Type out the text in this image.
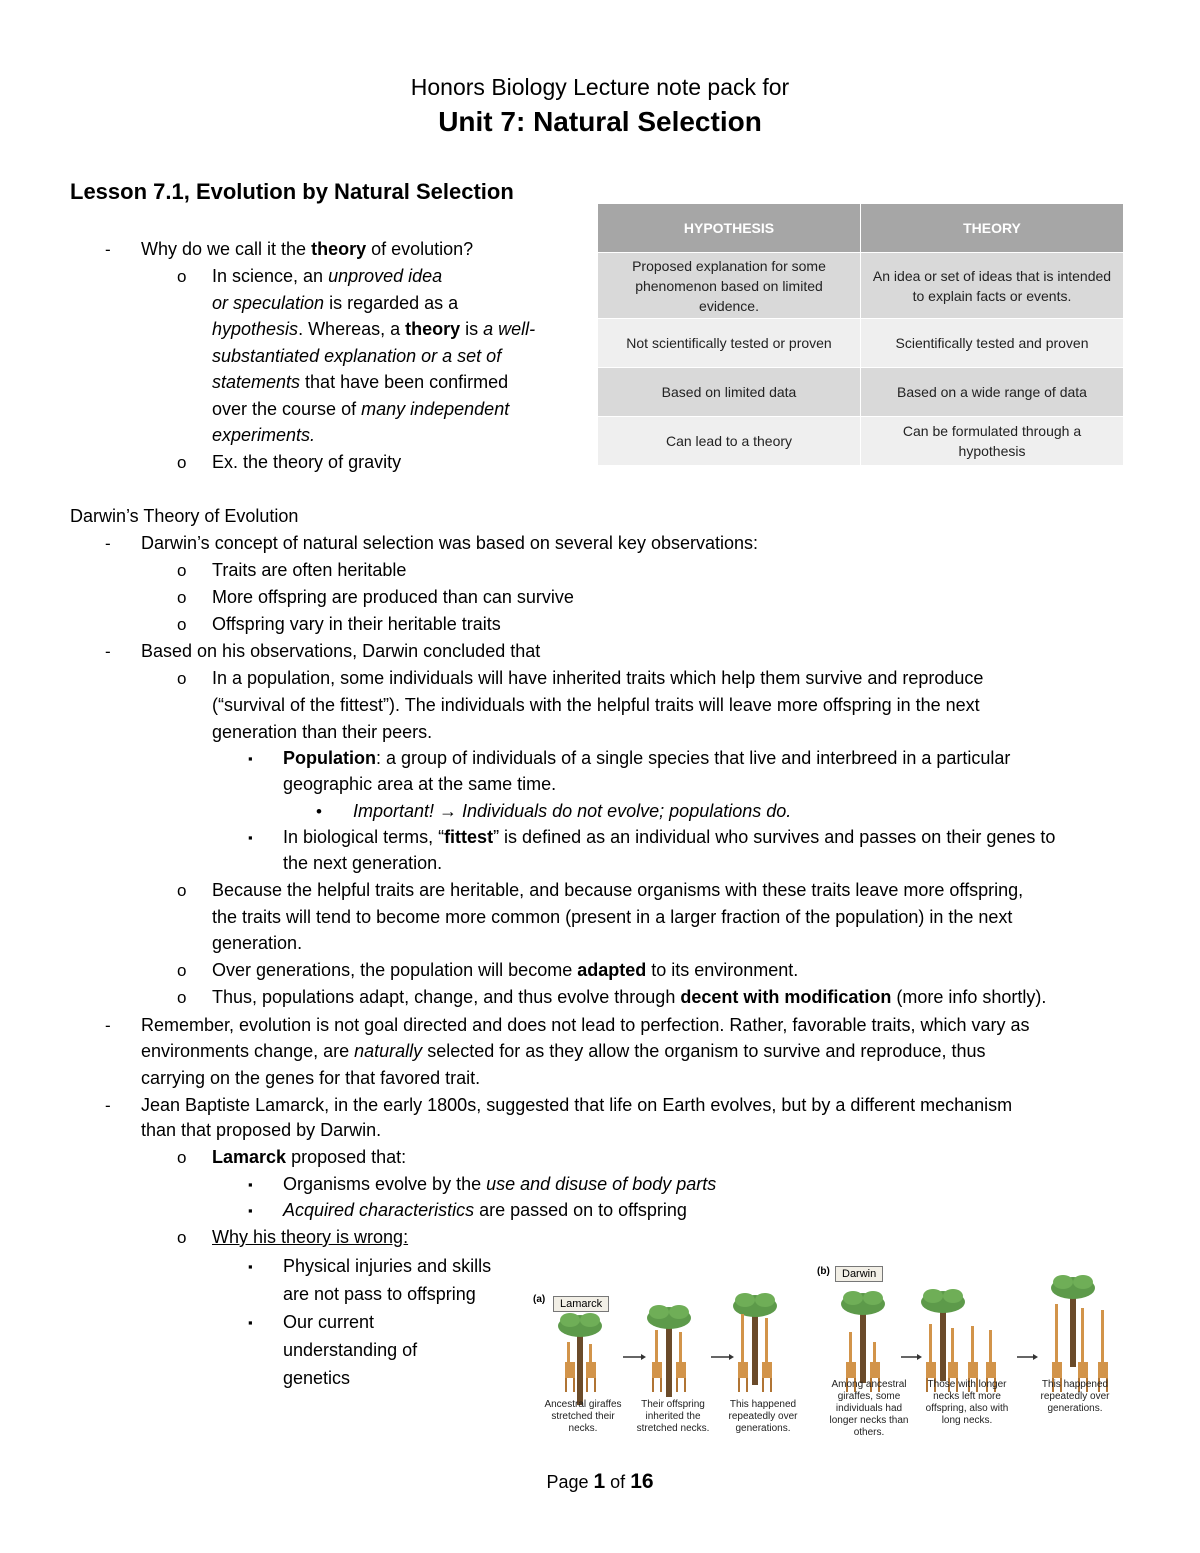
Honors Biology Lecture note pack for
Unit 7: Natural Selection
Lesson 7.1, Evolution by Natural Selection
- Why do we call it the theory of evolution?
o In science, an unproved idea
or speculation is regarded as a
hypothesis. Whereas, a theory is a well-
substantiated explanation or a set of
statements that have been confirmed
over the course of many independent
experiments.
o Ex. the theory of gravity
HYPOTHESIS	THEORY
Proposed explanation for some phenomenon based on limited evidence.	An idea or set of ideas that is intended to explain facts or events.
Not scientifically tested or proven	Scientifically tested and proven
Based on limited data	Based on a wide range of data
Can lead to a theory	Can be formulated through a hypothesis
Darwin’s Theory of Evolution
- Darwin’s concept of natural selection was based on several key observations:
o Traits are often heritable
o More offspring are produced than can survive
o Offspring vary in their heritable traits
- Based on his observations, Darwin concluded that
o In a population, some individuals will have inherited traits which help them survive and reproduce
(“survival of the fittest”). The individuals with the helpful traits will leave more offspring in the next
generation than their peers.
▪ Population: a group of individuals of a single species that live and interbreed in a particular
geographic area at the same time.
• Important! → Individuals do not evolve; populations do.
▪ In biological terms, “fittest” is defined as an individual who survives and passes on their genes to
the next generation.
o Because the helpful traits are heritable, and because organisms with these traits leave more offspring,
the traits will tend to become more common (present in a larger fraction of the population) in the next
generation.
o Over generations, the population will become adapted to its environment.
o Thus, populations adapt, change, and thus evolve through decent with modification (more info shortly).
- Remember, evolution is not goal directed and does not lead to perfection. Rather, favorable traits, which vary as
environments change, are naturally selected for as they allow the organism to survive and reproduce, thus
carrying on the genes for that favored trait.
- Jean Baptiste Lamarck, in the early 1800s, suggested that life on Earth evolves, but by a different mechanism
than that proposed by Darwin.
o Lamarck proposed that:
▪ Organisms evolve by the use and disuse of body parts
▪ Acquired characteristics are passed on to offspring
o Why his theory is wrong:
▪ Physical injuries and skills
are not pass to offspring
▪ Our current
understanding of
genetics
(a)	Lamarck
(b)	Darwin
Ancestral giraffes stretched their necks.
Their offspring inherited the stretched necks.
This happened repeatedly over generations.
Among ancestral giraffes, some individuals had longer necks than others.
Those with longer necks left more offspring, also with long necks.
This happened repeatedly over generations.
Page 1 of 16
